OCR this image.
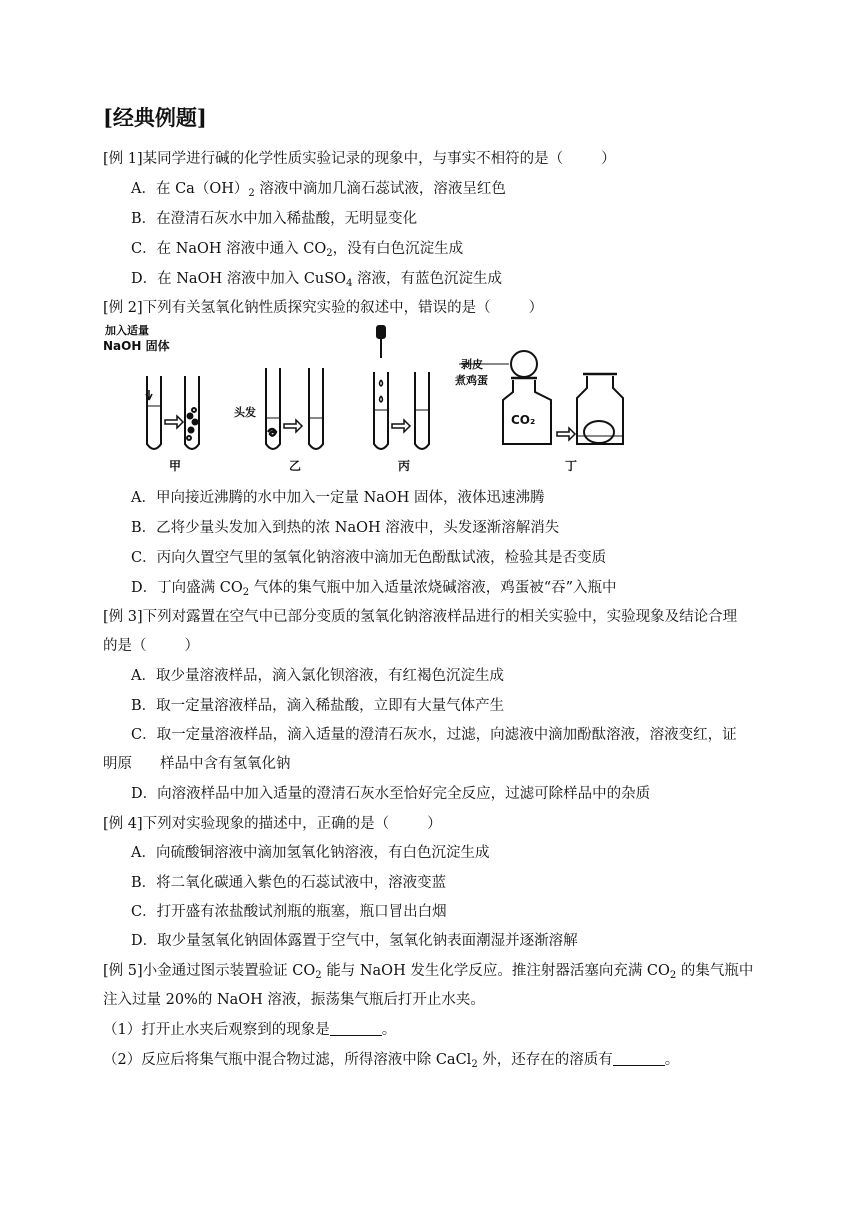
[经典例题]
[例 1]某同学进行碱的化学性质实验记录的现象中，与事实不相符的是（	）
A．在 $Ca(OH)_2$ 溶液中滴加几滴石蕊试液，溶液呈红色
B．在澄清石灰水中加入稀盐酸，无明显变化
C．在 NaOH 溶液中通入 $CO_2$，没有白色沉淀生成
D．在 NaOH 溶液中加入 CuSO$_4$ 溶液，有蓝色沉淀生成
[例 2]下列有关氢氧化钠性质探究实验的叙述中，错误的是（	）
加入适量
NaOH 固体
头发
剥皮
煮鸡蛋
CO₂
甲	乙	丙	丁
A．甲向接近沸腾的水中加入一定量 NaOH 固体，液体迅速沸腾
B．乙将少量头发加入到热的浓 NaOH 溶液中，头发逐渐溶解消失
C．丙向久置空气里的氢氧化钠溶液中滴加无色酚酞试液，检验其是否变质
D．丁向盛满 $CO_2$ 气体的集气瓶中加入适量浓烧碱溶液，鸡蛋被“吞”入瓶中
[例 3]下列对露置在空气中已部分变质的氢氧化钠溶液样品进行的相关实验中，实验现象及结论合理
的是（	）
A．取少量溶液样品，滴入氯化钡溶液，有红褐色沉淀生成
B．取一定量溶液样品，滴入稀盐酸，立即有大量气体产生
C．取一定量溶液样品，滴入适量的澄清石灰水，过滤，向滤液中滴加酚酞溶液，溶液变红，证
明原 样品中含有氢氧化钠
D．向溶液样品中加入适量的澄清石灰水至恰好完全反应，过滤可除样品中的杂质
[例 4]下列对实验现象的描述中，正确的是（	）
A．向硫酸铜溶液中滴加氢氧化钠溶液，有白色沉淀生成
B．将二氧化碳通入紫色的石蕊试液中，溶液变蓝
C．打开盛有浓盐酸试剂瓶的瓶塞，瓶口冒出白烟
D．取少量氢氧化钠固体露置于空气中，氢氧化钠表面潮湿并逐渐溶解
[例 5]小金通过图示装置验证 $CO_2$ 能与 NaOH 发生化学反应。推注射器活塞向充满 $CO_2$ 的集气瓶中
注入过量 20%的 NaOH 溶液，振荡集气瓶后打开止水夹。
（1）打开止水夹后观察到的现象是	。
（2）反应后将集气瓶中混合物过滤，所得溶液中除 CaCl$_2$ 外，还存在的溶质有	。
